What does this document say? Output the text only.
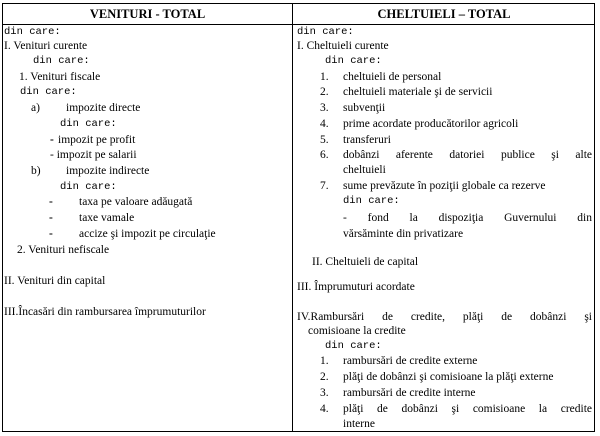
VENITURI - TOTAL	CHELTUIELI – TOTAL
din care:
I. Venituri curente
din care:
1. Venituri fiscale
din care:
a) impozite directe
din care:
- impozit pe profit
- impozit pe salarii
b) impozite indirecte
din care:
- taxa pe valoare adăugată
- taxe vamale
- accize şi impozit pe circulaţie
2. Venituri nefiscale
II. Venituri din capital
III.Încasări din rambursarea împrumuturilor
din care:
I. Cheltuieli curente
din care:
1. cheltuieli de personal
2. cheltuieli materiale şi de servicii
3. subvenţii
4. prime acordate producătorilor agricoli
5. transferuri
6. dobânzi aferente datoriei publice şi alte
cheltuieli
7. sume prevăzute în poziţii globale ca rezerve
din care:
- fond la dispoziţia Guvernului din
vărsăminte din privatizare
II. Cheltuieli de capital
III. Împrumuturi acordate
IV.Rambursări de credite, plăţi de dobânzi şi
comisioane la credite
din care:
1. rambursări de credite externe
2. plăţi de dobânzi şi comisioane la plăţi externe
3. rambursări de credite interne
4. plăţi de dobânzi şi comisioane la credite
interne
